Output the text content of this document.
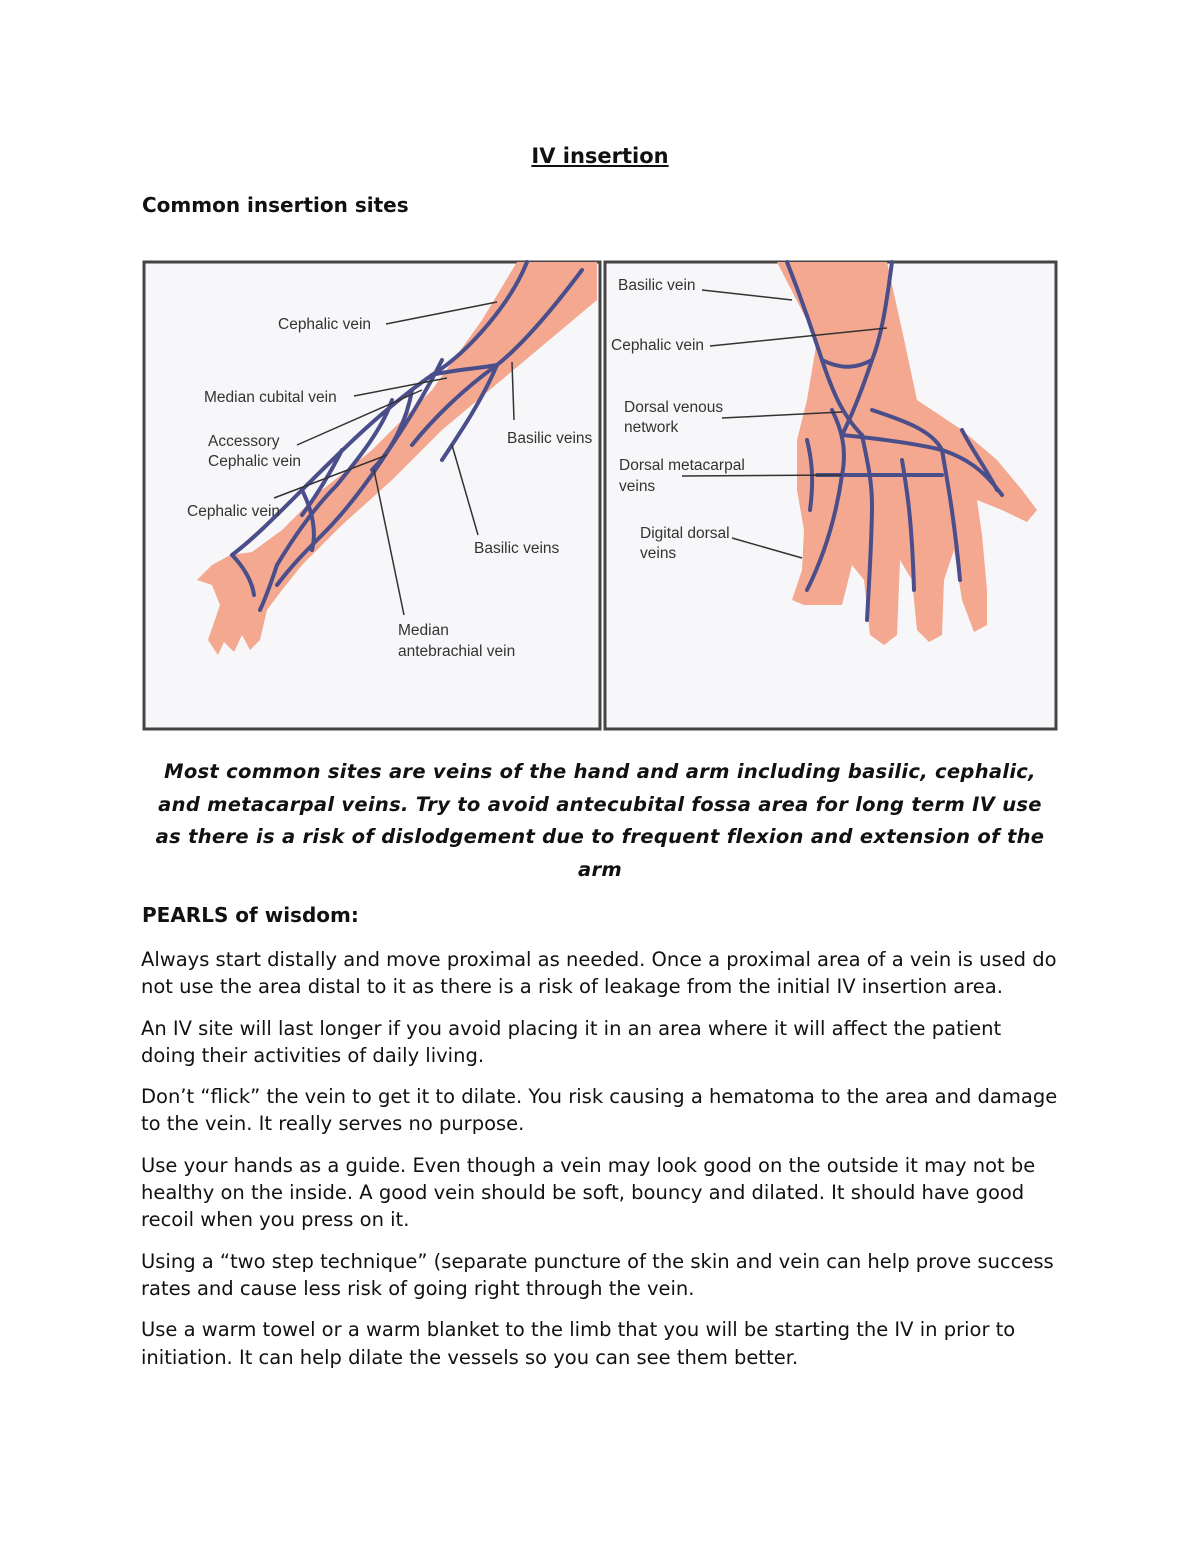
IV insertion
Common insertion sites
Cephalic vein
Median cubital vein
Accessory
Cephalic vein
Cephalic vein
Basilic veins
Basilic veins
Median
antebrachial vein
Basilic vein
Cephalic vein
Dorsal venous
network
Dorsal metacarpal
veins
Digital dorsal
veins
Most common sites are veins of the hand and arm including basilic, cephalic, and metacarpal veins. Try to avoid antecubital fossa area for long term IV use as there is a risk of dislodgement due to frequent flexion and extension of the arm
PEARLS of wisdom:

Always start distally and move proximal as needed. Once a proximal area of a vein is used do not use the area distal to it as there is a risk of leakage from the initial IV insertion area.

An IV site will last longer if you avoid placing it in an area where it will affect the patient doing their activities of daily living.

Don’t “flick” the vein to get it to dilate. You risk causing a hematoma to the area and damage to the vein. It really serves no purpose.

Use your hands as a guide. Even though a vein may look good on the outside it may not be healthy on the inside. A good vein should be soft, bouncy and dilated. It should have good recoil when you press on it.

Using a “two step technique” (separate puncture of the skin and vein can help prove success rates and cause less risk of going right through the vein.

Use a warm towel or a warm blanket to the limb that you will be starting the IV in prior to initiation. It can help dilate the vessels so you can see them better.
